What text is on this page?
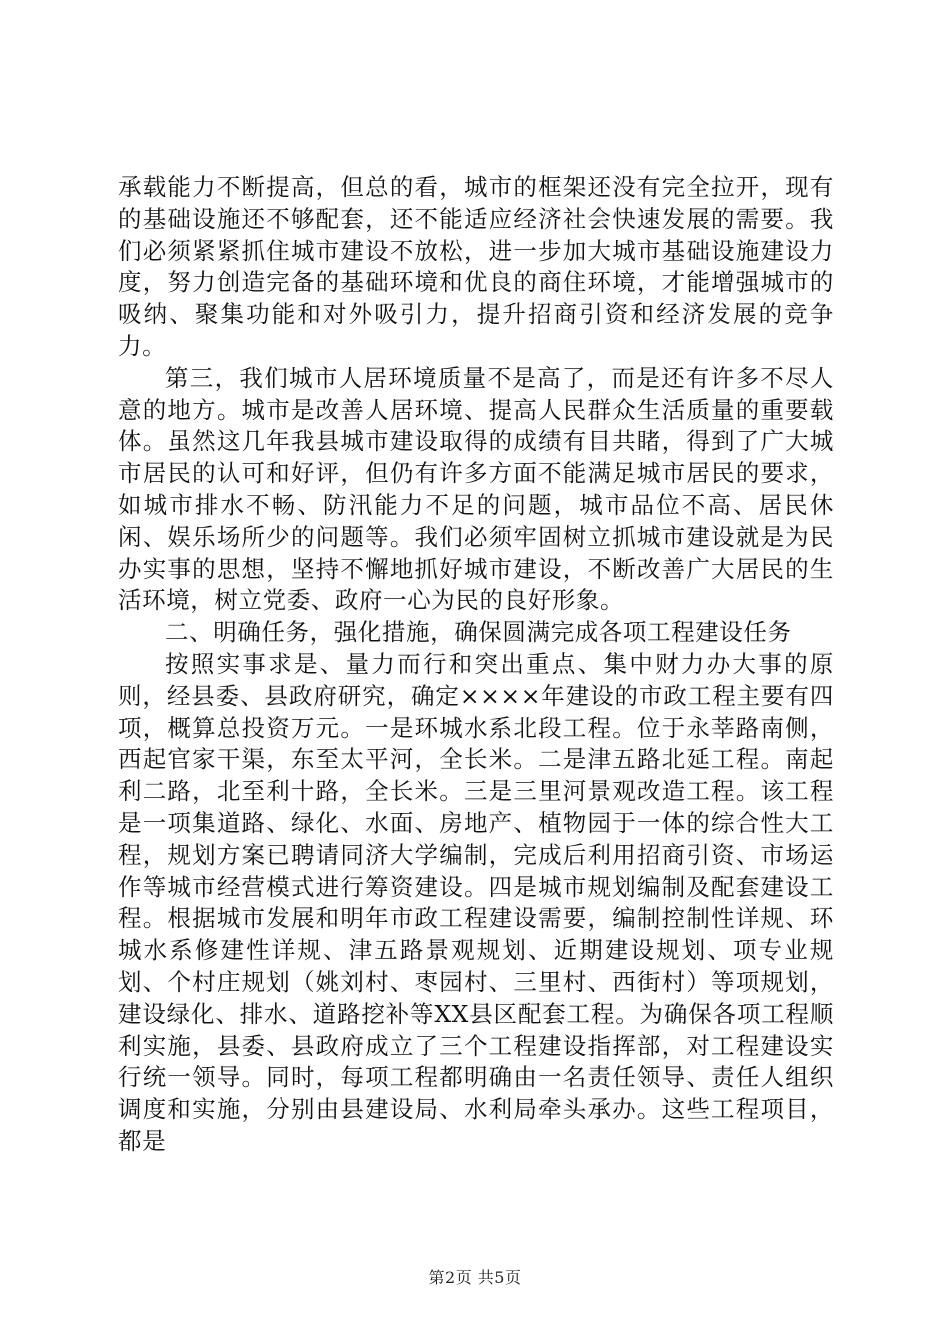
承载能力不断提高，但总的看，城市的框架还没有完全拉开，现有的基础设施还不够配套，还不能适应经济社会快速发展的需要。我们必须紧紧抓住城市建设不放松，进一步加大城市基础设施建设力度，努力创造完备的基础环境和优良的商住环境，才能增强城市的吸纳、聚集功能和对外吸引力，提升招商引资和经济发展的竞争力。

第三，我们城市人居环境质量不是高了，而是还有许多不尽人意的地方。城市是改善人居环境、提高人民群众生活质量的重要载体。虽然这几年我县城市建设取得的成绩有目共睹，得到了广大城市居民的认可和好评，但仍有许多方面不能满足城市居民的要求，如城市排水不畅、防汛能力不足的问题，城市品位不高、居民休闲、娱乐场所少的问题等。我们必须牢固树立抓城市建设就是为民办实事的思想，坚持不懈地抓好城市建设，不断改善广大居民的生活环境，树立党委、政府一心为民的良好形象。

二、明确任务，强化措施，确保圆满完成各项工程建设任务

按照实事求是、量力而行和突出重点、集中财力办大事的原则，经县委、县政府研究，确定××××年建设的市政工程主要有四项，概算总投资万元。一是环城水系北段工程。位于永莘路南侧，西起官家干渠，东至太平河，全长米。二是津五路北延工程。南起利二路，北至利十路，全长米。三是三里河景观改造工程。该工程是一项集道路、绿化、水面、房地产、植物园于一体的综合性大工程，规划方案已聘请同济大学编制，完成后利用招商引资、市场运作等城市经营模式进行筹资建设。四是城市规划编制及配套建设工程。根据城市发展和明年市政工程建设需要，编制控制性详规、环城水系修建性详规、津五路景观规划、近期建设规划、项专业规划、个村庄规划（姚刘村、枣园村、三里村、西街村）等项规划，建设绿化、排水、道路挖补等XX县区配套工程。为确保各项工程顺利实施，县委、县政府成立了三个工程建设指挥部，对工程建设实行统一领导。同时，每项工程都明确由一名责任领导、责任人组织调度和实施，分别由县建设局、水利局牵头承办。这些工程项目，都是

第2页 共5页
